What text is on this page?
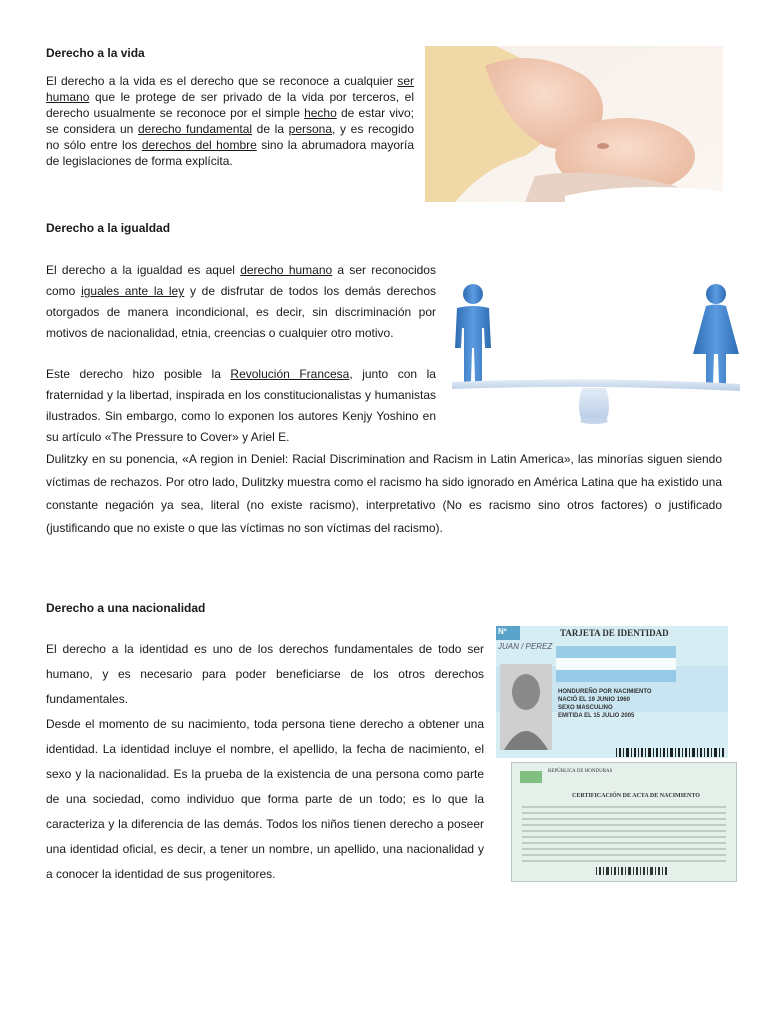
Derecho a la vida

El derecho a la vida es el derecho que se reconoce a cualquier ser humano que le protege de ser privado de la vida por terceros, el derecho usualmente se reconoce por el simple hecho de estar vivo; se considera un derecho fundamental de la persona, y es recogido no sólo entre los derechos del hombre sino la abrumadora mayoría de legislaciones de forma explícita.

Derecho a la igualdad

El derecho a la igualdad es aquel derecho humano a ser reconocidos como iguales ante la ley y de disfrutar de todos los demás derechos otorgados de manera incondicional, es decir, sin discriminación por motivos de nacionalidad, etnia, creencias o cualquier otro motivo.

Este derecho hizo posible la Revolución Francesa, junto con la fraternidad y la libertad, inspirada en los constitucionalistas y humanistas ilustrados. Sin embargo, como lo exponen los autores Kenjy Yoshino en su artículo «The Pressure to Cover» y Ariel E.

Dulitzky en su ponencia, «A region in Deniel: Racial Discrimination and Racism in Latin America», las minorías siguen siendo víctimas de rechazos. Por otro lado, Dulitzky muestra como el racismo ha sido ignorado en América Latina que ha existido una constante negación ya sea, literal (no existe racismo), interpretativo (No es racismo sino otros factores) o justificado (justificando que no existe o que las víctimas no son víctimas del racismo).

Derecho a una nacionalidad

El derecho a la identidad es uno de los derechos fundamentales de todo ser humano, y es necesario para poder beneficiarse de los otros derechos fundamentales.

Desde el momento de su nacimiento, toda persona tiene derecho a obtener una identidad. La identidad incluye el nombre, el apellido, la fecha de nacimiento, el sexo y la nacionalidad. Es la prueba de la existencia de una persona como parte de una sociedad, como individuo que forma parte de un todo; es lo que la caracteriza y la diferencia de las demás. Todos los niños tienen derecho a poseer una identidad oficial, es decir, a tener un nombre, un apellido, una nacionalidad y a conocer la identidad de sus progenitores.

Nº	TARJETA DE IDENTIDAD
JUAN / PEREZ
HONDUREÑO POR NACIMIENTO
NACIÓ EL 19 JUNIO 1960
SEXO MASCULINO
EMITIDA EL 15 JULIO 2005
REPÚBLICA DE HONDURAS
CERTIFICACIÓN DE ACTA DE NACIMIENTO
